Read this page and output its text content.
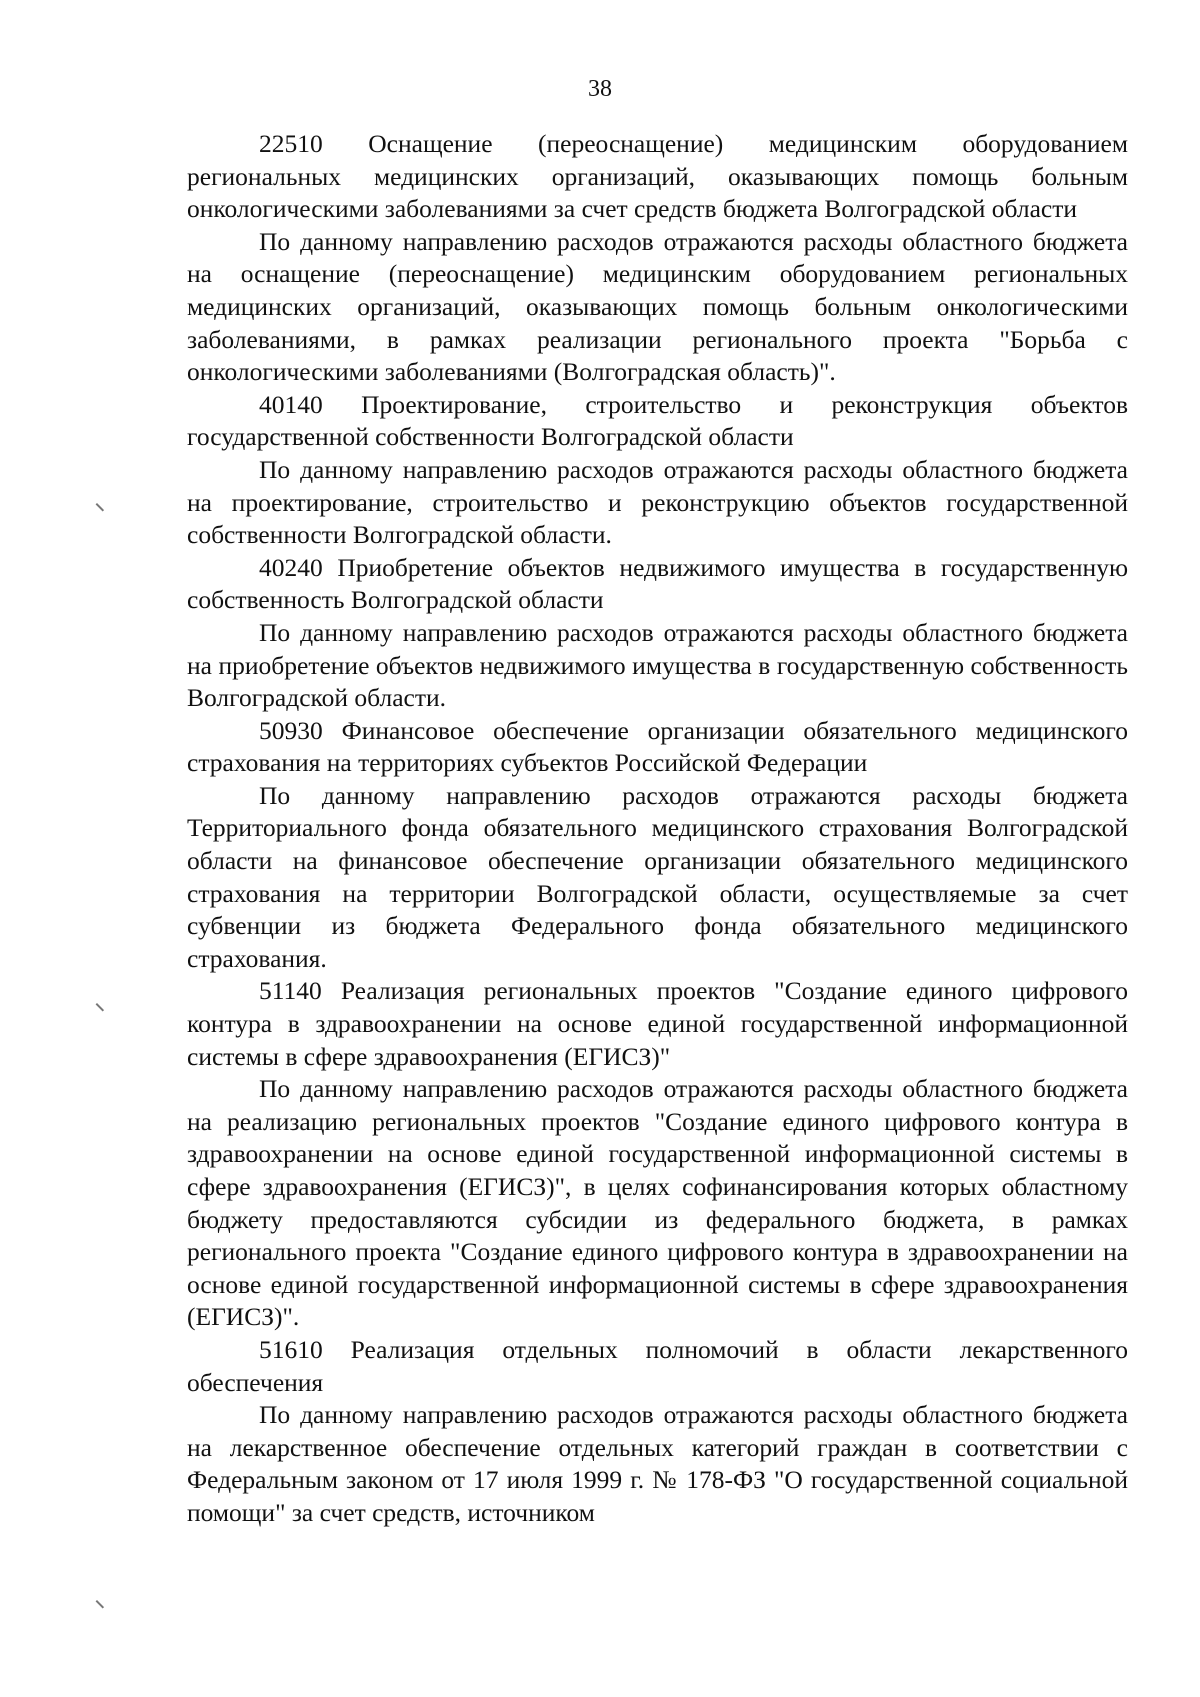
38

22510 Оснащение (переоснащение) медицинским оборудованием региональных медицинских организаций, оказывающих помощь больным онкологическими заболеваниями за счет средств бюджета Волгоградской области

По данному направлению расходов отражаются расходы областного бюджета на оснащение (переоснащение) медицинским оборудованием региональных медицинских организаций, оказывающих помощь больным онкологическими заболеваниями, в рамках реализации регионального проекта "Борьба с онкологическими заболеваниями (Волгоградская область)".

40140 Проектирование, строительство и реконструкция объектов государственной собственности Волгоградской области

По данному направлению расходов отражаются расходы областного бюджета на проектирование, строительство и реконструкцию объектов государственной собственности Волгоградской области.

40240 Приобретение объектов недвижимого имущества в государственную собственность Волгоградской области

По данному направлению расходов отражаются расходы областного бюджета на приобретение объектов недвижимого имущества в государственную собственность Волгоградской области.

50930 Финансовое обеспечение организации обязательного медицинского страхования на территориях субъектов Российской Федерации

По данному направлению расходов отражаются расходы бюджета Территориального фонда обязательного медицинского страхования Волгоградской области на финансовое обеспечение организации обязательного медицинского страхования на территории Волгоградской области, осуществляемые за счет субвенции из бюджета Федерального фонда обязательного медицинского страхования.

51140 Реализация региональных проектов "Создание единого цифрового контура в здравоохранении на основе единой государственной информационной системы в сфере здравоохранения (ЕГИСЗ)"

По данному направлению расходов отражаются расходы областного бюджета на реализацию региональных проектов "Создание единого цифрового контура в здравоохранении на основе единой государственной информационной системы в сфере здравоохранения (ЕГИСЗ)", в целях софинансирования которых областному бюджету предоставляются субсидии из федерального бюджета, в рамках регионального проекта "Создание единого цифрового контура в здравоохранении на основе единой государственной информационной системы в сфере здравоохранения (ЕГИСЗ)".

51610 Реализация отдельных полномочий в области лекарственного обеспечения

По данному направлению расходов отражаются расходы областного бюджета на лекарственное обеспечение отдельных категорий граждан в соответствии с Федеральным законом от 17 июля 1999 г. № 178-ФЗ "О государственной социальной помощи" за счет средств, источником
